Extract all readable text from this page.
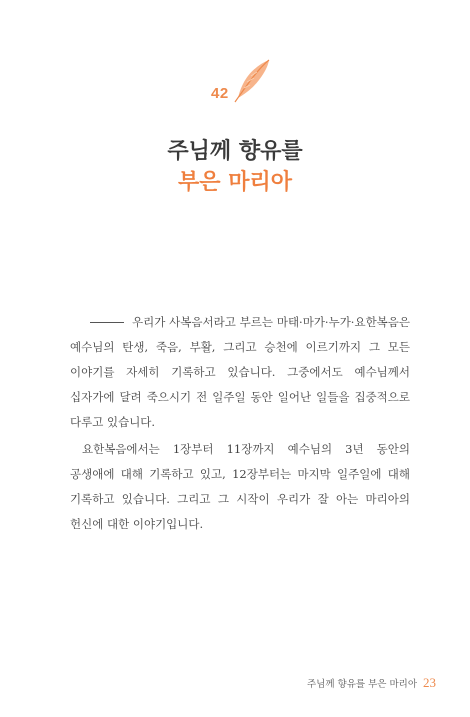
42
주님께 향유를
부은 마리아

우리가 사복음서라고 부르는 마태·마가·누가·요한복음은 예수님의 탄생, 죽음, 부활, 그리고 승천에 이르기까지 그 모든 이야기를 자세히 기록하고 있습니다. 그중에서도 예수님께서 십자가에 달려 죽으시기 전 일주일 동안 일어난 일들을 집중적으로 다루고 있습니다.

요한복음에서는 1장부터 11장까지 예수님의 3년 동안의 공생애에 대해 기록하고 있고, 12장부터는 마지막 일주일에 대해 기록하고 있습니다. 그리고 그 시작이 우리가 잘 아는 마리아의 헌신에 대한 이야기입니다.

주님께 향유를 부은 마리아 23
